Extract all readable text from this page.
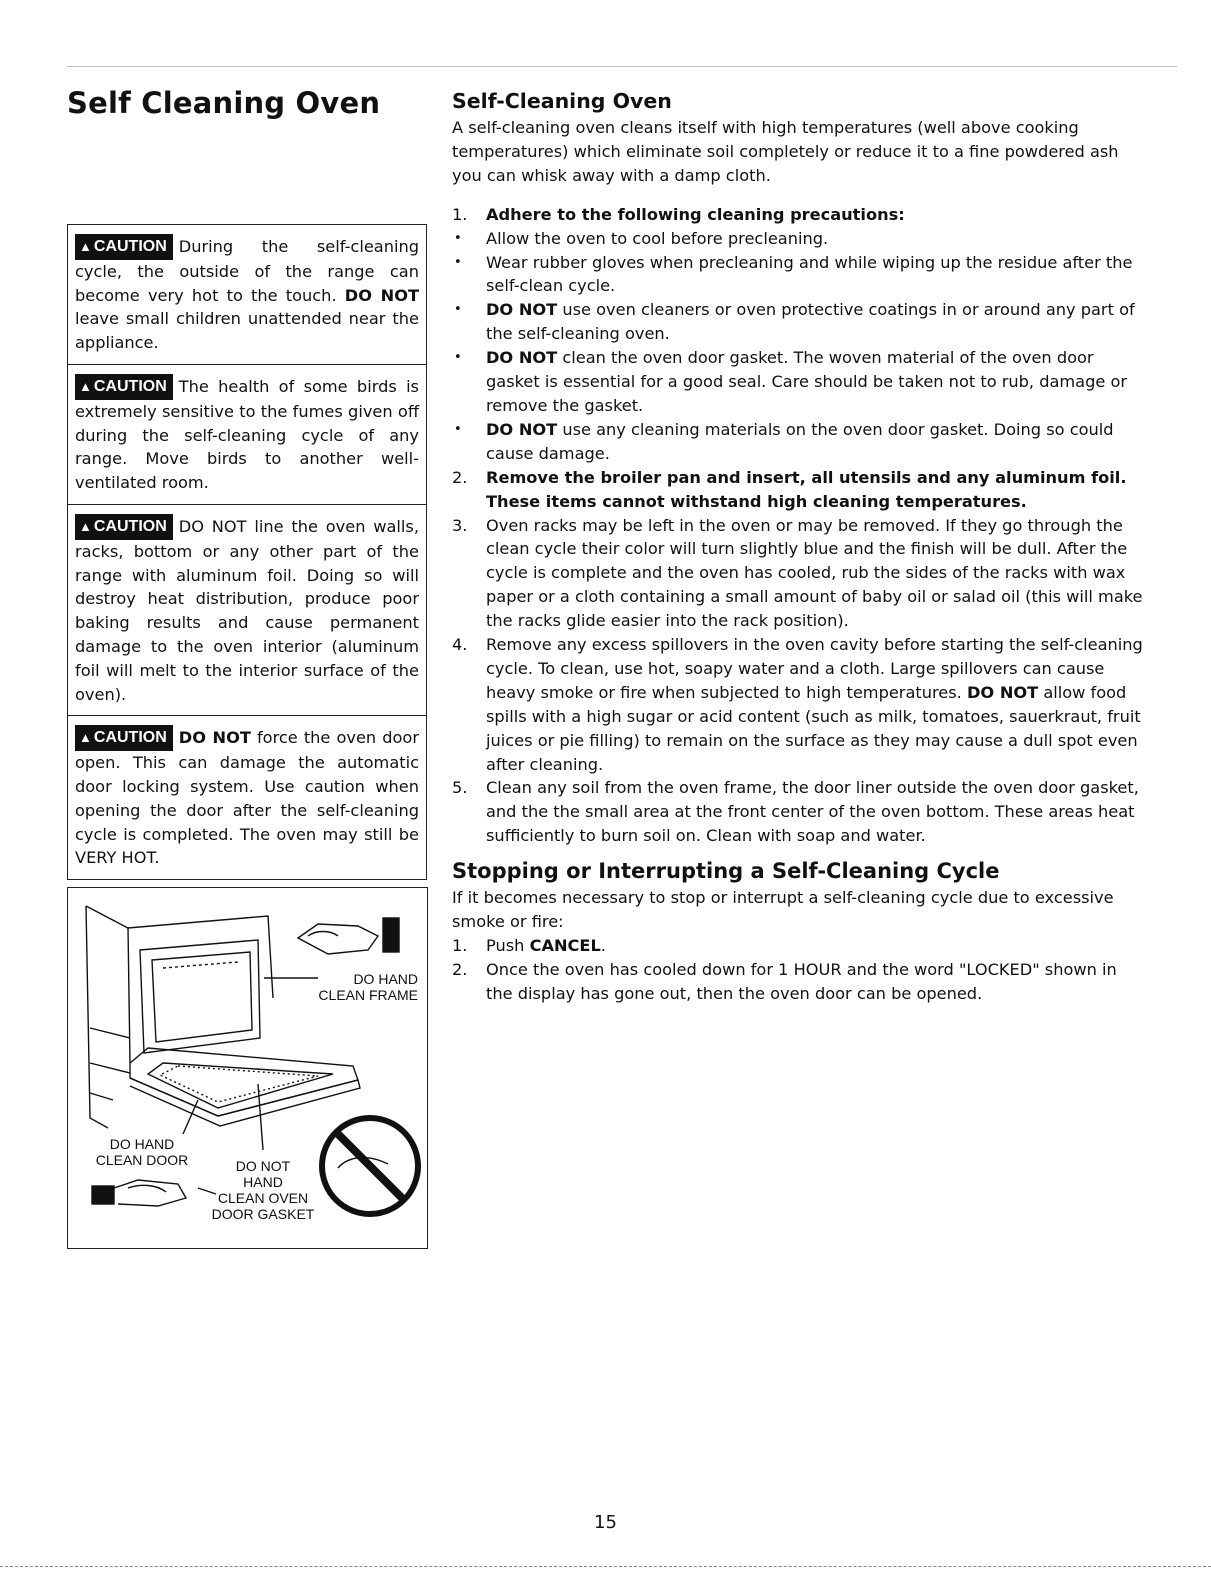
Self Cleaning Oven
▲ CAUTION During the self-cleaning cycle, the outside of the range can become very hot to the touch. DO NOT leave small children unattended near the appliance.
▲ CAUTION The health of some birds is extremely sensitive to the fumes given off during the self-cleaning cycle of any range. Move birds to another well-ventilated room.
▲ CAUTION DO NOT line the oven walls, racks, bottom or any other part of the range with aluminum foil. Doing so will destroy heat distribution, produce poor baking results and cause permanent damage to the oven interior (aluminum foil will melt to the interior surface of the oven).
▲ CAUTION DO NOT force the oven door open. This can damage the automatic door locking system. Use caution when opening the door after the self-cleaning cycle is completed. The oven may still be VERY HOT.
DO HAND
CLEAN FRAME
DO HAND
CLEAN DOOR	DO NOT
HAND
CLEAN OVEN
DOOR GASKET
Self-Cleaning Oven

A self-cleaning oven cleans itself with high temperatures (well above cooking temperatures) which eliminate soil completely or reduce it to a fine powdered ash you can whisk away with a damp cloth.

1. Adhere to the following cleaning precautions:
• Allow the oven to cool before precleaning.
• Wear rubber gloves when precleaning and while wiping up the residue after the self-clean cycle.
• DO NOT use oven cleaners or oven protective coatings in or around any part of the self-cleaning oven.
• DO NOT clean the oven door gasket. The woven material of the oven door gasket is essential for a good seal. Care should be taken not to rub, damage or remove the gasket.
• DO NOT use any cleaning materials on the oven door gasket. Doing so could cause damage.
2. Remove the broiler pan and insert, all utensils and any aluminum foil. These items cannot withstand high cleaning temperatures.
3. Oven racks may be left in the oven or may be removed. If they go through the clean cycle their color will turn slightly blue and the finish will be dull. After the cycle is complete and the oven has cooled, rub the sides of the racks with wax paper or a cloth containing a small amount of baby oil or salad oil (this will make the racks glide easier into the rack position).
4. Remove any excess spillovers in the oven cavity before starting the self-cleaning cycle. To clean, use hot, soapy water and a cloth. Large spillovers can cause heavy smoke or fire when subjected to high temperatures. DO NOT allow food spills with a high sugar or acid content (such as milk, tomatoes, sauerkraut, fruit juices or pie filling) to remain on the surface as they may cause a dull spot even after cleaning.
5. Clean any soil from the oven frame, the door liner outside the oven door gasket, and the the small area at the front center of the oven bottom. These areas heat sufficiently to burn soil on. Clean with soap and water.
Stopping or Interrupting a Self-Cleaning Cycle

If it becomes necessary to stop or interrupt a self-cleaning cycle due to excessive smoke or fire:

1. Push CANCEL.
2. Once the oven has cooled down for 1 HOUR and the word "LOCKED" shown in the display has gone out, then the oven door can be opened.
15
